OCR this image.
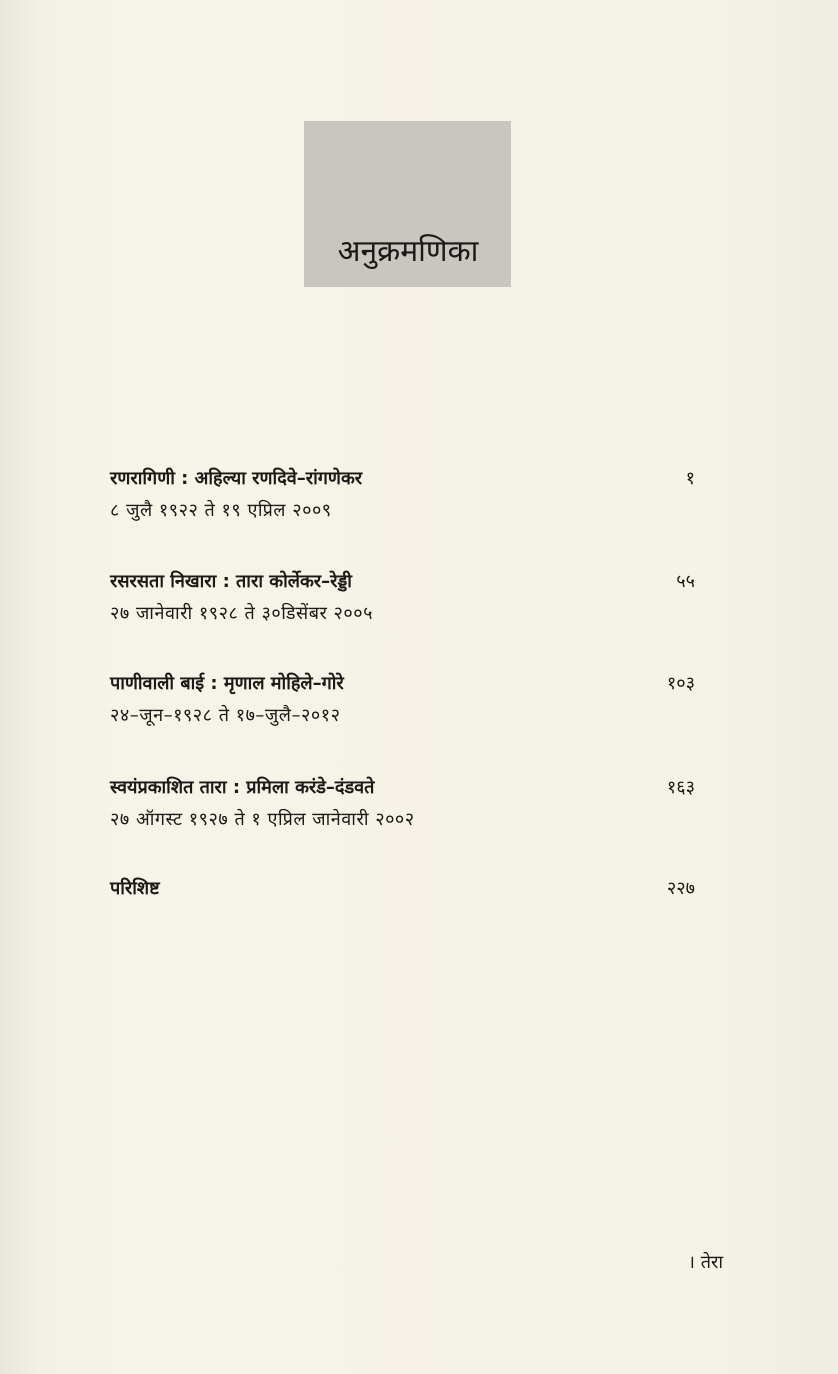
अनुक्रमणिका
रणरागिणी : अहिल्या रणदिवे–रांगणेकर	१
८ जुलै १९२२ ते १९ एप्रिल २००९
रसरसता निखारा : तारा कोर्लेकर–रेड्डी	५५
२७ जानेवारी १९२८ ते ३०डिसेंबर २००५
पाणीवाली बाई : मृणाल मोहिले–गोरे	१०३
२४–जून–१९२८ ते १७–जुलै–२०१२
स्वयंप्रकाशित तारा : प्रमिला करंडे–दंडवते	१६३
२७ ऑगस्ट १९२७ ते १ एप्रिल जानेवारी २००२
परिशिष्ट	२२७
। तेरा
